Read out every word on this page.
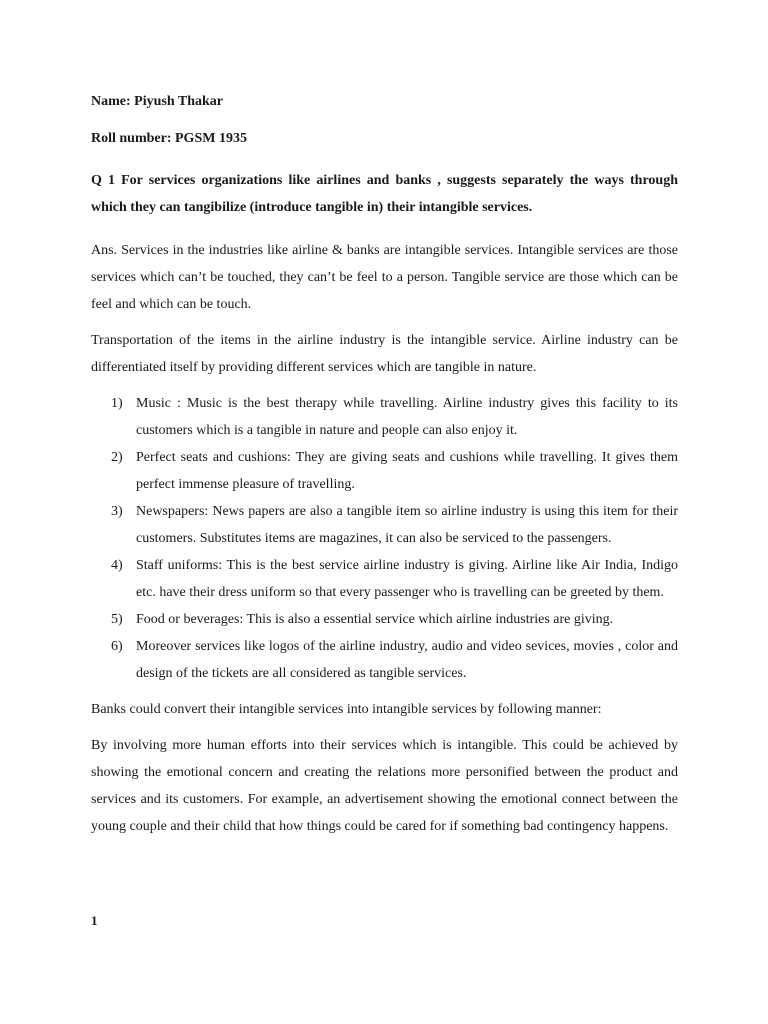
Name: Piyush Thakar

Roll number: PGSM 1935

Q 1 For services organizations like airlines and banks , suggests separately the ways through which they can tangibilize (introduce tangible in) their intangible services.

Ans. Services in the industries like airline & banks are intangible services. Intangible services are those services which can’t be touched, they can’t be feel to a person. Tangible service are those which can be feel and which can be touch.

Transportation of the items in the airline industry is the intangible service. Airline industry can be differentiated itself by providing different services which are tangible in nature.

1) Music : Music is the best therapy while travelling. Airline industry gives this facility to its customers which is a tangible in nature and people can also enjoy it.
2) Perfect seats and cushions: They are giving seats and cushions while travelling. It gives them perfect immense pleasure of travelling.
3) Newspapers: News papers are also a tangible item so airline industry is using this item for their customers. Substitutes items are magazines, it can also be serviced to the passengers.
4) Staff uniforms: This is the best service airline industry is giving. Airline like Air India, Indigo etc. have their dress uniform so that every passenger who is travelling can be greeted by them.
5) Food or beverages: This is also a essential service which airline industries are giving.
6) Moreover services like logos of the airline industry, audio and video sevices, movies , color and design of the tickets are all considered as tangible services.

Banks could convert their intangible services into intangible services by following manner:

By involving more human efforts into their services which is intangible. This could be achieved by showing the emotional concern and creating the relations more personified between the product and services and its customers. For example, an advertisement showing the emotional connect between the young couple and their child that how things could be cared for if something bad contingency happens.

1
